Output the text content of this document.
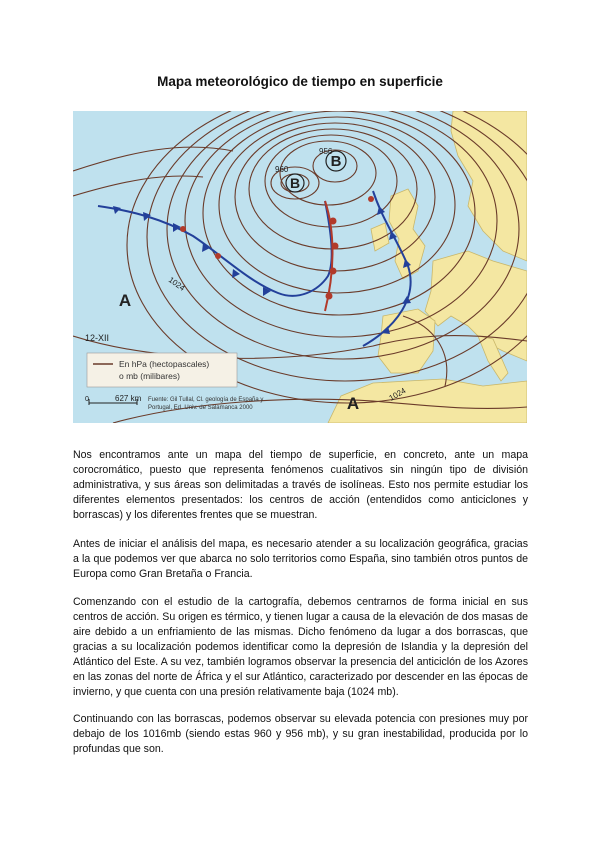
Mapa meteorológico de tiempo en superficie
B
B
A
A
960
956
1024
1024
12-XII
En hPa (hectopascales)
o mb (milibares)
0	627 km Fuente: Gil Tullal, Cl. geología de España y
Portugal, Ed. Univ. de Salamanca 2000

Nos encontramos ante un mapa del tiempo de superficie, en concreto, ante un mapa corocromático, puesto que representa fenómenos cualitativos sin ningún tipo de división administrativa, y sus áreas son delimitadas a través de isolíneas. Esto nos permite estudiar los diferentes elementos presentados: los centros de acción (entendidos como anticiclones y borrascas) y los diferentes frentes que se muestran.

Antes de iniciar el análisis del mapa, es necesario atender a su localización geográfica, gracias a la que podemos ver que abarca no solo territorios como España, sino también otros puntos de Europa como Gran Bretaña o Francia.

Comenzando con el estudio de la cartografía, debemos centrarnos de forma inicial en sus centros de acción. Su origen es térmico, y tienen lugar a causa de la elevación de dos masas de aire debido a un enfriamiento de las mismas. Dicho fenómeno da lugar a dos borrascas, que gracias a su localización podemos identificar como la depresión de Islandia y la depresión del Atlántico del Este. A su vez, también logramos observar la presencia del anticiclón de los Azores en las zonas del norte de África y el sur Atlántico, caracterizado por descender en las épocas de invierno, y que cuenta con una presión relativamente baja (1024 mb).

Continuando con las borrascas, podemos observar su elevada potencia con presiones muy por debajo de los 1016mb (siendo estas 960 y 956 mb), y su gran inestabilidad, producida por lo profundas que son.
